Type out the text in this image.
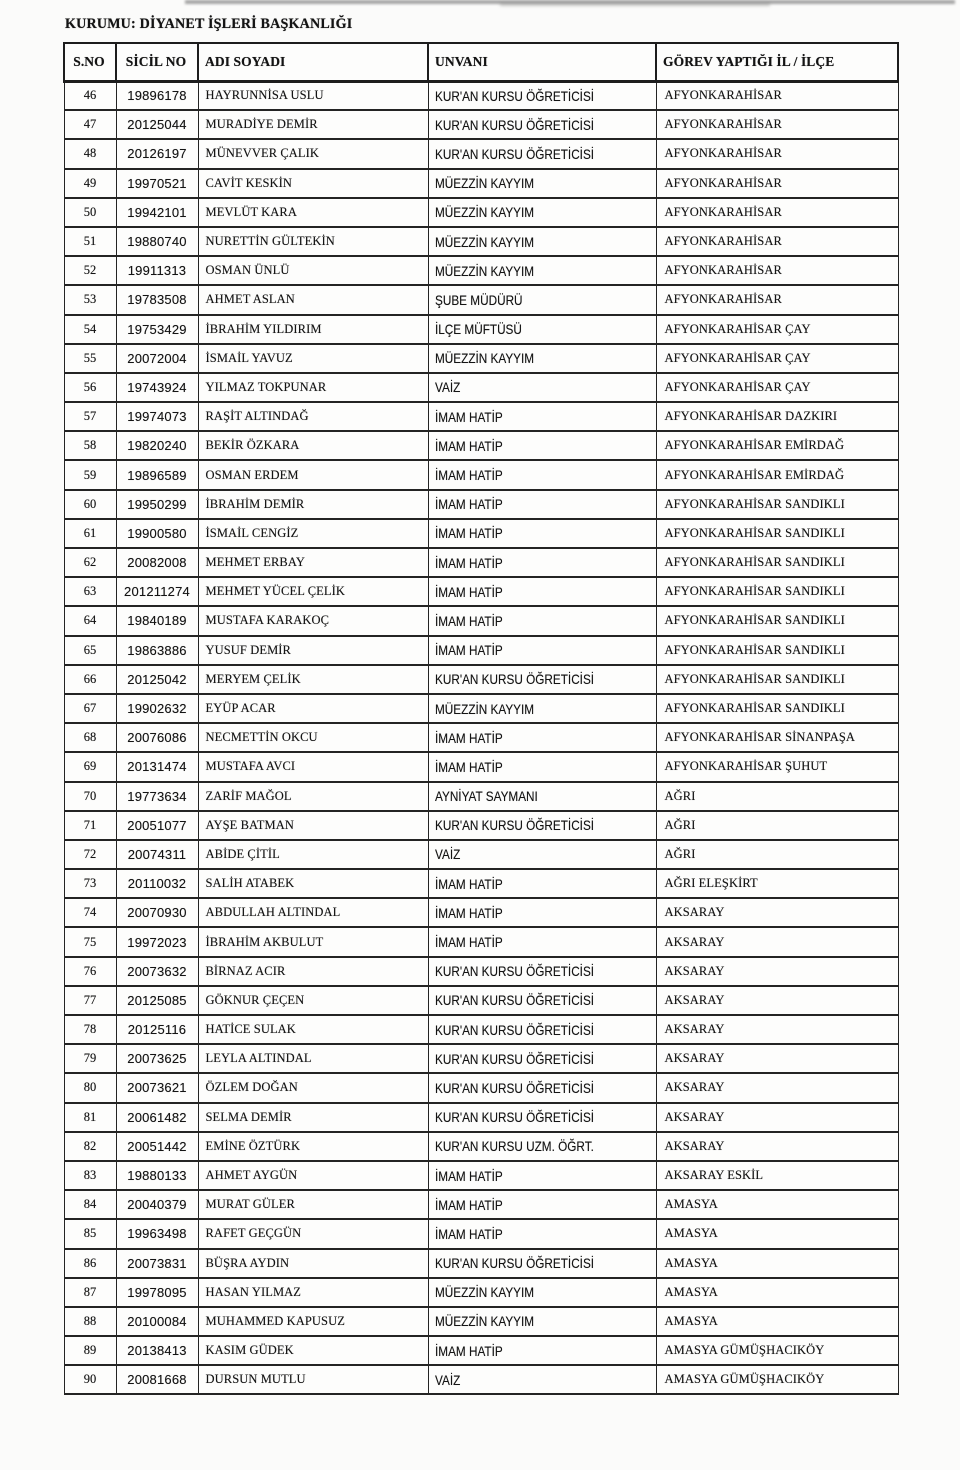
KURUMU: DİYANET İŞLERİ BAŞKANLIĞI
S.NO	SİCİL NO	ADI SOYADI	UNVANI	GÖREV YAPTIĞI İL / İLÇE
46	19896178	HAYRUNNİSA USLU	KUR'AN KURSU ÖĞRETİCİSİ	AFYONKARAHİSAR
47	20125044	MURADİYE DEMİR	KUR'AN KURSU ÖĞRETİCİSİ	AFYONKARAHİSAR
48	20126197	MÜNEVVER ÇALIK	KUR'AN KURSU ÖĞRETİCİSİ	AFYONKARAHİSAR
49	19970521	CAVİT KESKİN	MÜEZZİN KAYYIM	AFYONKARAHİSAR
50	19942101	MEVLÜT KARA	MÜEZZİN KAYYIM	AFYONKARAHİSAR
51	19880740	NURETTİN GÜLTEKİN	MÜEZZİN KAYYIM	AFYONKARAHİSAR
52	19911313	OSMAN ÜNLÜ	MÜEZZİN KAYYIM	AFYONKARAHİSAR
53	19783508	AHMET ASLAN	ŞUBE MÜDÜRÜ	AFYONKARAHİSAR
54	19753429	İBRAHİM YILDIRIM	İLÇE MÜFTÜSÜ	AFYONKARAHİSAR ÇAY
55	20072004	İSMAİL YAVUZ	MÜEZZİN KAYYIM	AFYONKARAHİSAR ÇAY
56	19743924	YILMAZ TOKPUNAR	VAİZ	AFYONKARAHİSAR ÇAY
57	19974073	RAŞİT ALTINDAĞ	İMAM HATİP	AFYONKARAHİSAR DAZKIRI
58	19820240	BEKİR ÖZKARA	İMAM HATİP	AFYONKARAHİSAR EMİRDAĞ
59	19896589	OSMAN ERDEM	İMAM HATİP	AFYONKARAHİSAR EMİRDAĞ
60	19950299	İBRAHİM DEMİR	İMAM HATİP	AFYONKARAHİSAR SANDIKLI
61	19900580	İSMAİL CENGİZ	İMAM HATİP	AFYONKARAHİSAR SANDIKLI
62	20082008	MEHMET ERBAY	İMAM HATİP	AFYONKARAHİSAR SANDIKLI
63	201211274	MEHMET YÜCEL ÇELİK	İMAM HATİP	AFYONKARAHİSAR SANDIKLI
64	19840189	MUSTAFA KARAKOÇ	İMAM HATİP	AFYONKARAHİSAR SANDIKLI
65	19863886	YUSUF DEMİR	İMAM HATİP	AFYONKARAHİSAR SANDIKLI
66	20125042	MERYEM ÇELİK	KUR'AN KURSU ÖĞRETİCİSİ	AFYONKARAHİSAR SANDIKLI
67	19902632	EYÜP ACAR	MÜEZZİN KAYYIM	AFYONKARAHİSAR SANDIKLI
68	20076086	NECMETTİN OKCU	İMAM HATİP	AFYONKARAHİSAR SİNANPAŞA
69	20131474	MUSTAFA AVCI	İMAM HATİP	AFYONKARAHİSAR ŞUHUT
70	19773634	ZARİF MAĞOL	AYNİYAT SAYMANI	AĞRI
71	20051077	AYŞE BATMAN	KUR'AN KURSU ÖĞRETİCİSİ	AĞRI
72	20074311	ABİDE ÇİTİL	VAİZ	AĞRI
73	20110032	SALİH ATABEK	İMAM HATİP	AĞRI ELEŞKİRT
74	20070930	ABDULLAH ALTINDAL	İMAM HATİP	AKSARAY
75	19972023	İBRAHİM AKBULUT	İMAM HATİP	AKSARAY
76	20073632	BİRNAZ ACIR	KUR'AN KURSU ÖĞRETİCİSİ	AKSARAY
77	20125085	GÖKNUR ÇEÇEN	KUR'AN KURSU ÖĞRETİCİSİ	AKSARAY
78	20125116	HATİCE SULAK	KUR'AN KURSU ÖĞRETİCİSİ	AKSARAY
79	20073625	LEYLA ALTINDAL	KUR'AN KURSU ÖĞRETİCİSİ	AKSARAY
80	20073621	ÖZLEM DOĞAN	KUR'AN KURSU ÖĞRETİCİSİ	AKSARAY
81	20061482	SELMA DEMİR	KUR'AN KURSU ÖĞRETİCİSİ	AKSARAY
82	20051442	EMİNE ÖZTÜRK	KUR'AN KURSU UZM. ÖĞRT.	AKSARAY
83	19880133	AHMET AYGÜN	İMAM HATİP	AKSARAY ESKİL
84	20040379	MURAT GÜLER	İMAM HATİP	AMASYA
85	19963498	RAFET GEÇGÜN	İMAM HATİP	AMASYA
86	20073831	BÜŞRA AYDIN	KUR'AN KURSU ÖĞRETİCİSİ	AMASYA
87	19978095	HASAN YILMAZ	MÜEZZİN KAYYIM	AMASYA
88	20100084	MUHAMMED KAPUSUZ	MÜEZZİN KAYYIM	AMASYA
89	20138413	KASIM GÜDEK	İMAM HATİP	AMASYA GÜMÜŞHACIKÖY
90	20081668	DURSUN MUTLU	VAİZ	AMASYA GÜMÜŞHACIKÖY
